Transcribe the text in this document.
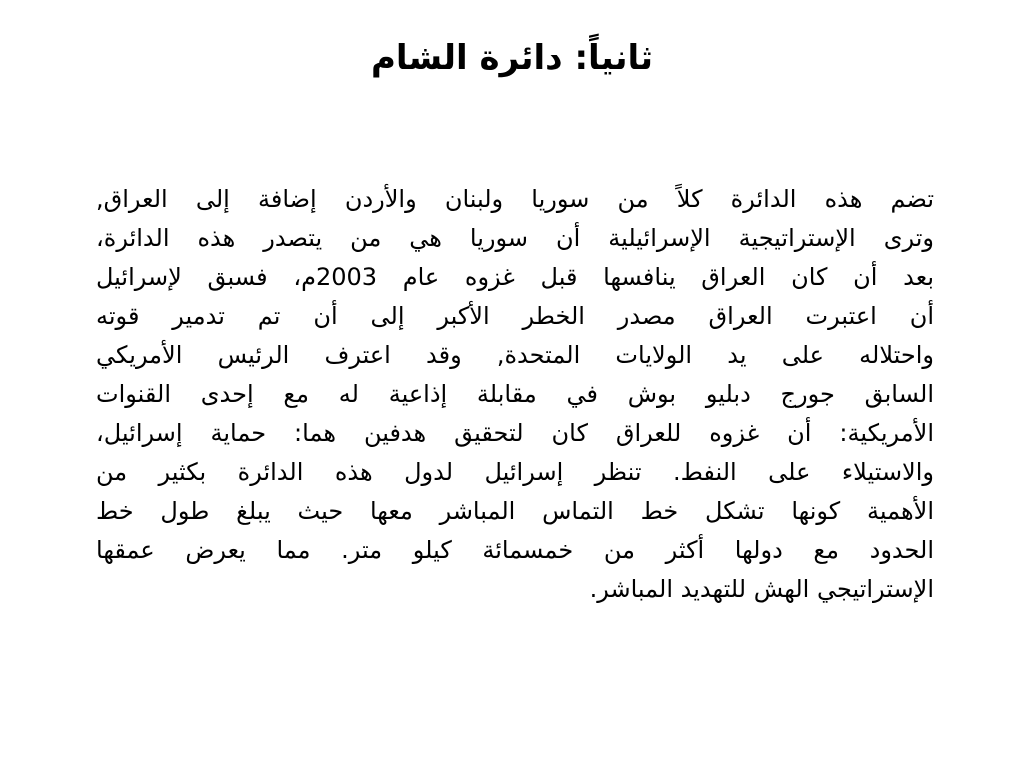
ثانياً: دائرة الشام
تضم هذه الدائرة كلاً من سوريا ولبنان والأردن إضافة إلى العراق,
وترى الإستراتيجية الإسرائيلية أن سوريا هي من يتصدر هذه الدائرة،
بعد أن كان العراق ينافسها قبل غزوه عام 2003م، فسبق لإسرائيل
أن اعتبرت العراق مصدر الخطر الأكبر إلى أن تم تدمير قوته
واحتلاله على يد الولايات المتحدة, وقد اعترف الرئيس الأمريكي
السابق جورج دبليو بوش في مقابلة إذاعية له مع إحدى القنوات
الأمريكية: أن غزوه للعراق كان لتحقيق هدفين هما: حماية إسرائيل،
والاستيلاء على النفط. تنظر إسرائيل لدول هذه الدائرة بكثير من
الأهمية كونها تشكل خط التماس المباشر معها حيث يبلغ طول خط
الحدود مع دولها أكثر من خمسمائة كيلو متر. مما يعرض عمقها
الإستراتيجي الهش للتهديد المباشر.
